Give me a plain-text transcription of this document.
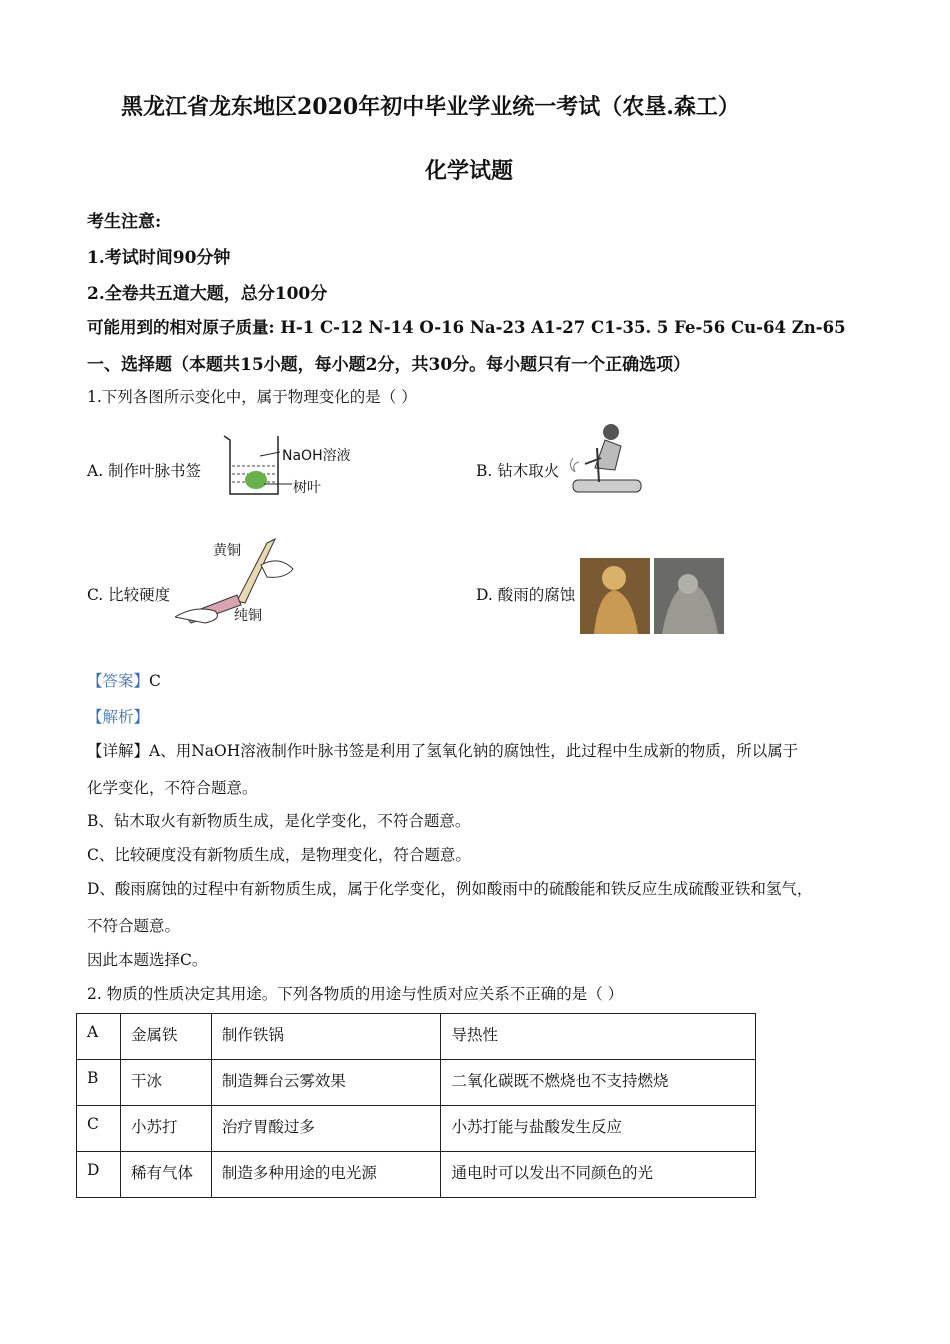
黑龙江省龙东地区2020年初中毕业学业统一考试（农垦.森工）
化学试题
考生注意:
1.考试时间90分钟
2.全卷共五道大题，总分100分
可能用到的相对原子质量: H-1 C-12 N-14 O-16 Na-23 A1-27 C1-35. 5 Fe-56 Cu-64 Zn-65
一、选择题（本题共15小题，每小题2分，共30分。每小题只有一个正确选项）
1.下列各图所示变化中，属于物理变化的是（ ）
A. 制作叶脉书签
NaOH溶液
树叶
B. 钻木取火
C. 比较硬度
黄铜
纯铜
D. 酸雨的腐蚀
【答案】C
【解析】
【详解】A、用NaOH溶液制作叶脉书签是利用了氢氧化钠的腐蚀性，此过程中生成新的物质，所以属于
化学变化，不符合题意。
B、钻木取火有新物质生成，是化学变化，不符合题意。
C、比较硬度没有新物质生成，是物理变化，符合题意。
D、酸雨腐蚀的过程中有新物质生成，属于化学变化，例如酸雨中的硫酸能和铁反应生成硫酸亚铁和氢气，
不符合题意。
因此本题选择C。
2. 物质的性质决定其用途。下列各物质的用途与性质对应关系不正确的是（ ）
A	金属铁	制作铁锅	导热性
B	干冰	制造舞台云雾效果	二氧化碳既不燃烧也不支持燃烧
C	小苏打	治疗胃酸过多	小苏打能与盐酸发生反应
D	稀有气体	制造多种用途的电光源	通电时可以发出不同颜色的光
